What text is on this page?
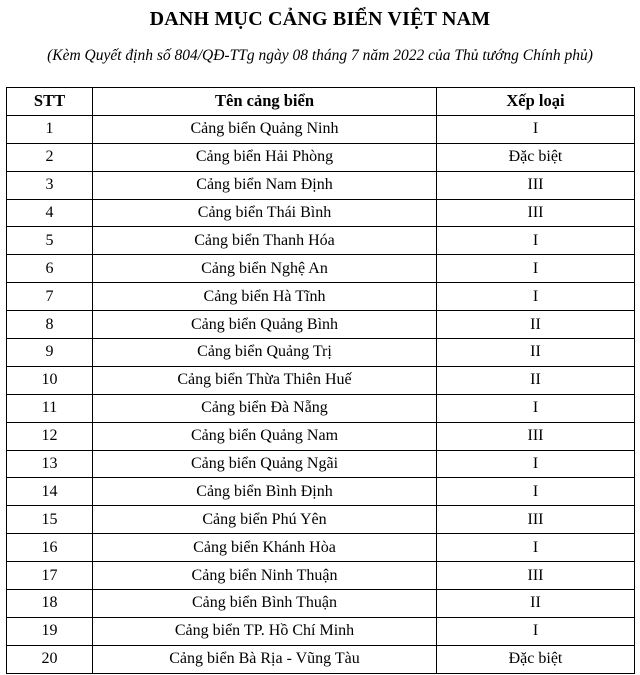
DANH MỤC CẢNG BIỂN VIỆT NAM
(Kèm Quyết định số 804/QĐ-TTg ngày 08 tháng 7 năm 2022 của Thủ tướng Chính phủ)
STT	Tên cảng biển	Xếp loại
1	Cảng biển Quảng Ninh	I
2	Cảng biển Hải Phòng	Đặc biệt
3	Cảng biển Nam Định	III
4	Cảng biển Thái Bình	III
5	Cảng biển Thanh Hóa	I
6	Cảng biển Nghệ An	I
7	Cảng biển Hà Tĩnh	I
8	Cảng biển Quảng Bình	II
9	Cảng biển Quảng Trị	II
10	Cảng biển Thừa Thiên Huế	II
11	Cảng biển Đà Nẵng	I
12	Cảng biển Quảng Nam	III
13	Cảng biển Quảng Ngãi	I
14	Cảng biển Bình Định	I
15	Cảng biển Phú Yên	III
16	Cảng biển Khánh Hòa	I
17	Cảng biển Ninh Thuận	III
18	Cảng biển Bình Thuận	II
19	Cảng biển TP. Hồ Chí Minh	I
20	Cảng biển Bà Rịa - Vũng Tàu	Đặc biệt
